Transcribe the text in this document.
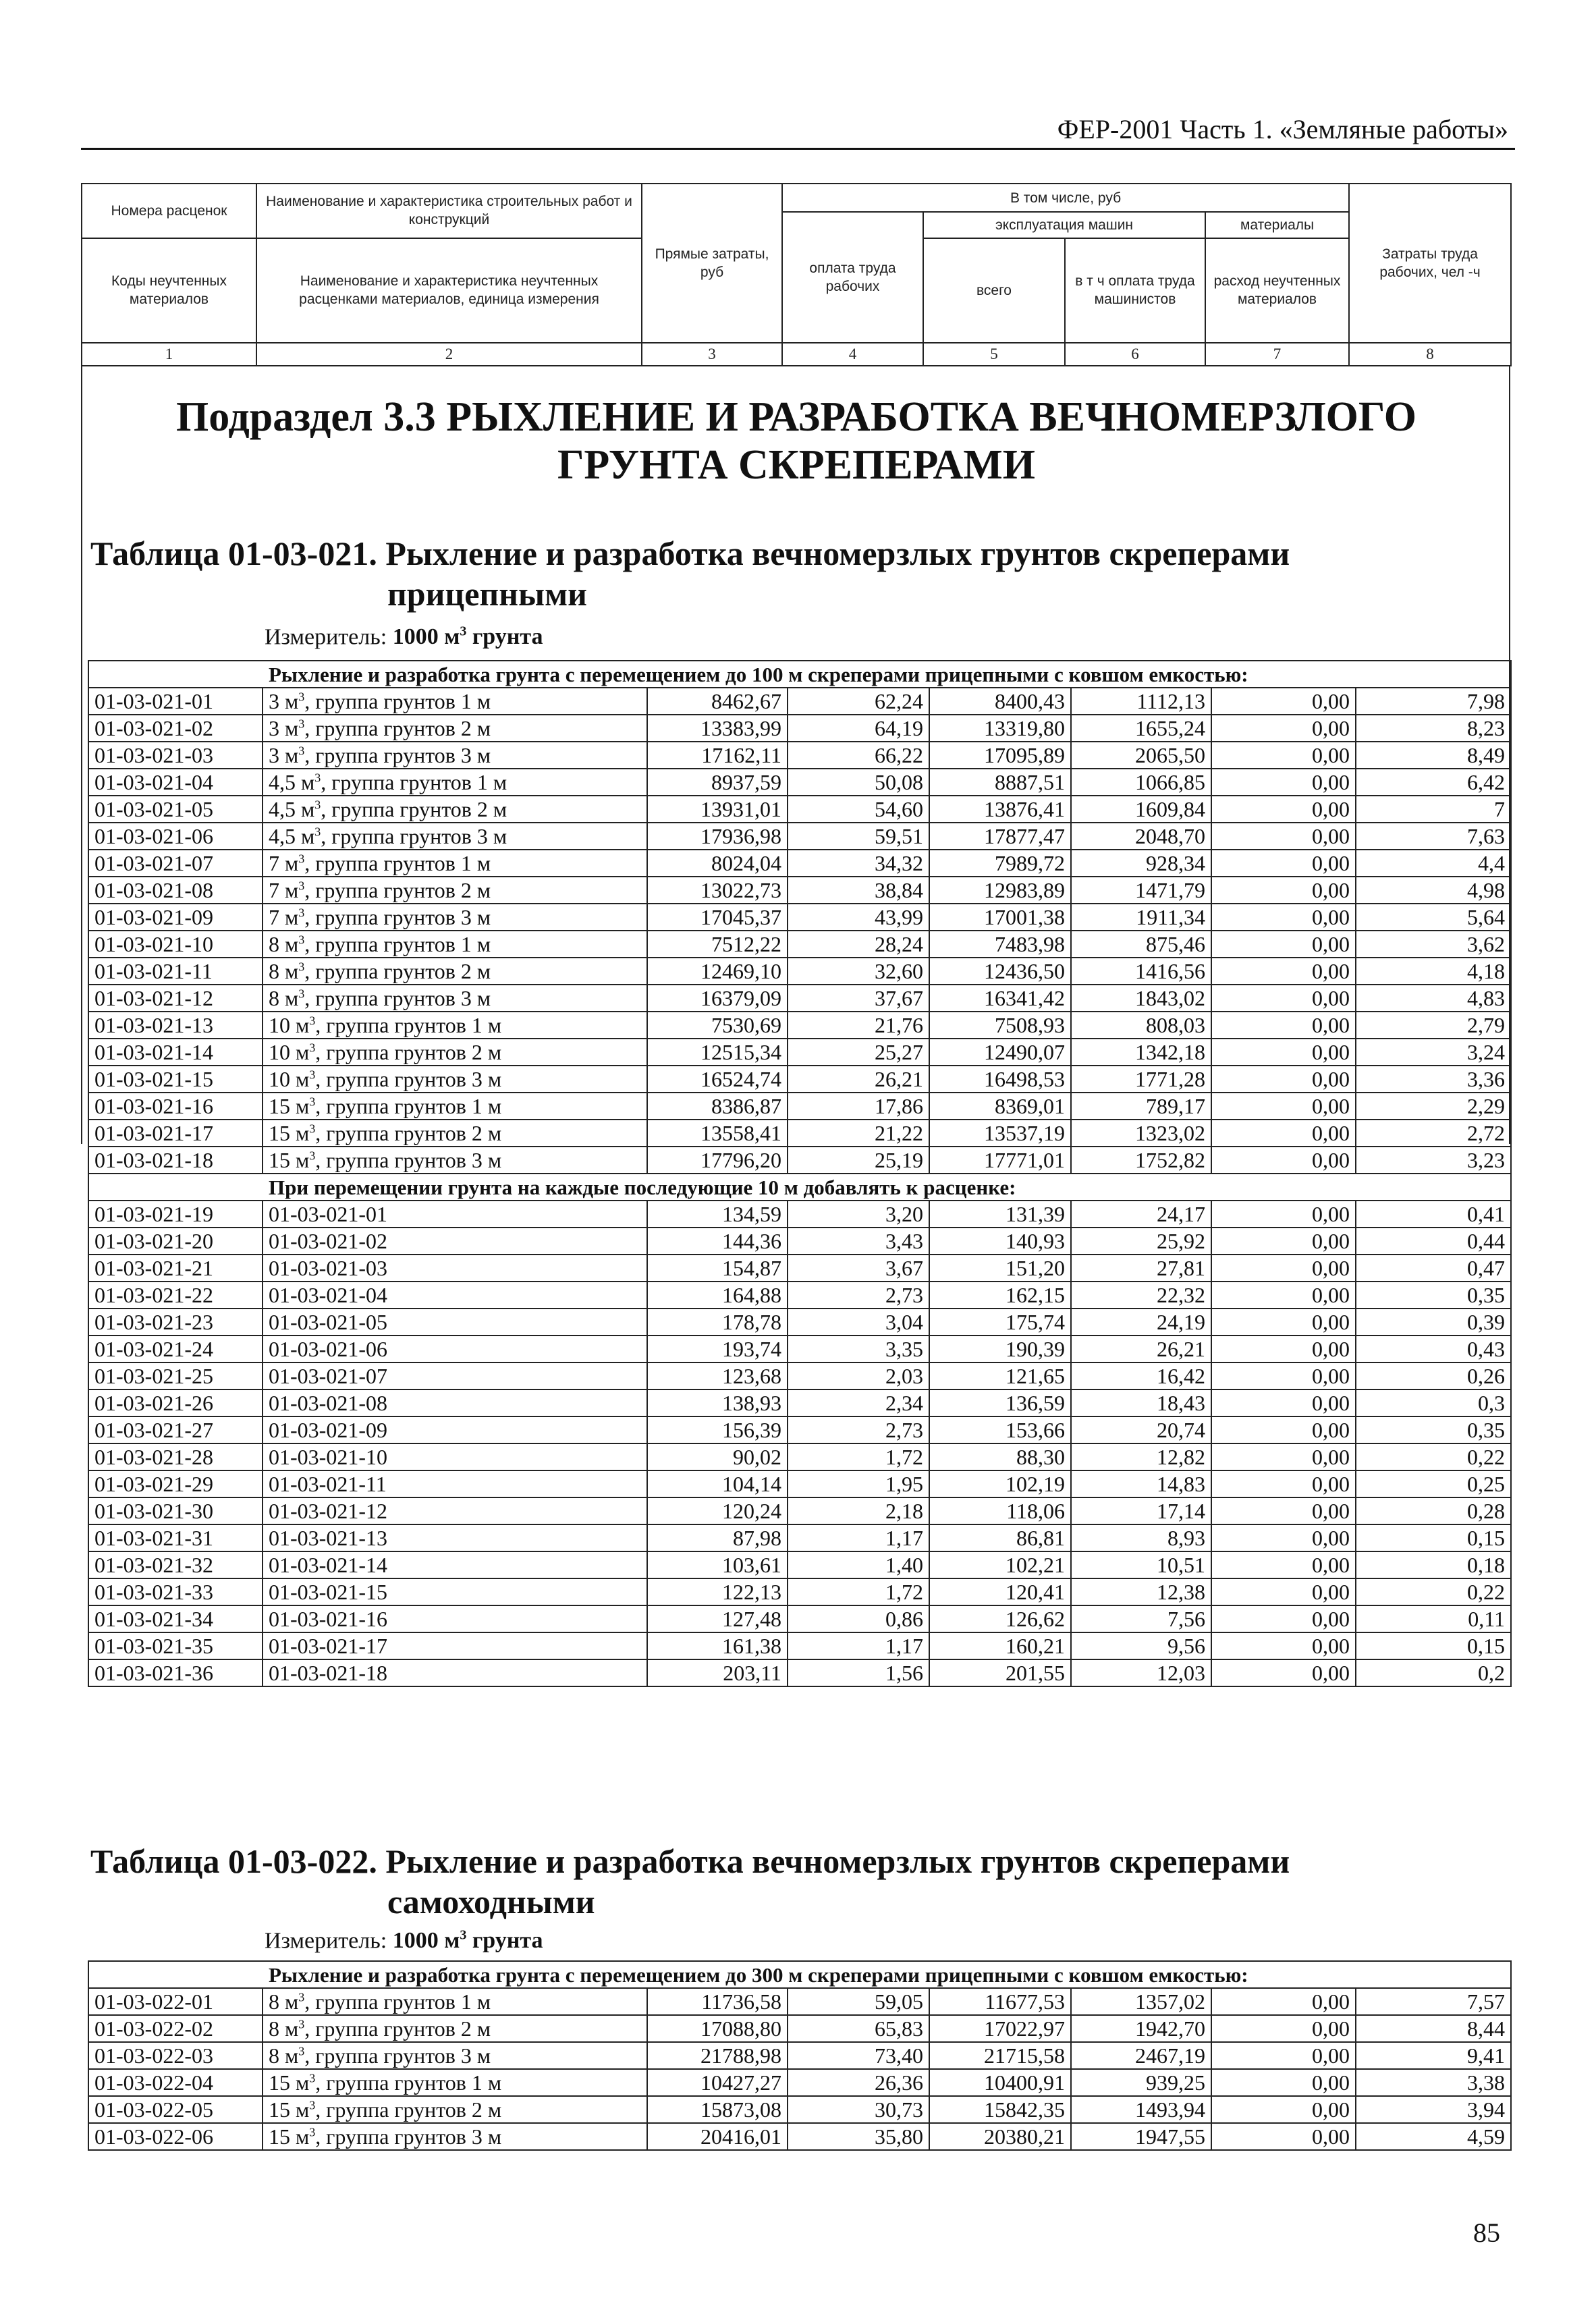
ФЕР-2001 Часть 1. «Земляные работы»
Номера расценок	Наименование и характеристика строительных работ и конструкций	Прямые затраты, руб	В том числе, руб				Затраты труда рабочих, чел -ч
			оплата труда рабочих	эксплуатация машин		материалы	
Коды неучтенных материалов	Наименование и характеристика неучтенных расценками материалов, единица измерения			всего	в т ч оплата труда машинистов	расход неучтенных материалов	

1	2	3	4	5	6	7	8
Подраздел 3.3 РЫХЛЕНИЕ И РАЗРАБОТКА ВЕЧНОМЕРЗЛОГО ГРУНТА СКРЕПЕРАМИ
Таблица 01-03-021. Рыхление и разработка вечномерзлых грунтов скреперами
прицепными
Измеритель: 1000 $м^3$ грунта
Рыхление и разработка грунта с перемещением до 100 м скреперами прицепными с ковшом емкостью:							
01-03-021-01	3 $м^3$, группа грунтов 1 м	8462,67	62,24	8400,43	1112,13	0,00	7,98
01-03-021-02	3 $м^3$, группа грунтов 2 м	13383,99	64,19	13319,80	1655,24	0,00	8,23
01-03-021-03	3 $м^3$, группа грунтов 3 м	17162,11	66,22	17095,89	2065,50	0,00	8,49
01-03-021-04	4,5 $м^3$, группа грунтов 1 м	8937,59	50,08	8887,51	1066,85	0,00	6,42
01-03-021-05	4,5 $м^3$, группа грунтов 2 м	13931,01	54,60	13876,41	1609,84	0,00	7
01-03-021-06	4,5 $м^3$, группа грунтов 3 м	17936,98	59,51	17877,47	2048,70	0,00	7,63
01-03-021-07	7 $м^3$, группа грунтов 1 м	8024,04	34,32	7989,72	928,34	0,00	4,4
01-03-021-08	7 $м^3$, группа грунтов 2 м	13022,73	38,84	12983,89	1471,79	0,00	4,98
01-03-021-09	7 $м^3$, группа грунтов 3 м	17045,37	43,99	17001,38	1911,34	0,00	5,64
01-03-021-10	8 $м^3$, группа грунтов 1 м	7512,22	28,24	7483,98	875,46	0,00	3,62
01-03-021-11	8 $м^3$, группа грунтов 2 м	12469,10	32,60	12436,50	1416,56	0,00	4,18
01-03-021-12	8 $м^3$, группа грунтов 3 м	16379,09	37,67	16341,42	1843,02	0,00	4,83
01-03-021-13	10 $м^3$, группа грунтов 1 м	7530,69	21,76	7508,93	808,03	0,00	2,79
01-03-021-14	10 $м^3$, группа грунтов 2 м	12515,34	25,27	12490,07	1342,18	0,00	3,24
01-03-021-15	10 $м^3$, группа грунтов 3 м	16524,74	26,21	16498,53	1771,28	0,00	3,36
01-03-021-16	15 $м^3$, группа грунтов 1 м	8386,87	17,86	8369,01	789,17	0,00	2,29
01-03-021-17	15 $м^3$, группа грунтов 2 м	13558,41	21,22	13537,19	1323,02	0,00	2,72
01-03-021-18	15 $м^3$, группа грунтов 3 м	17796,20	25,19	17771,01	1752,82	0,00	3,23
При перемещении грунта на каждые последующие 10 м добавлять к расценке:							
01-03-021-19	01-03-021-01	134,59	3,20	131,39	24,17	0,00	0,41
01-03-021-20	01-03-021-02	144,36	3,43	140,93	25,92	0,00	0,44
01-03-021-21	01-03-021-03	154,87	3,67	151,20	27,81	0,00	0,47
01-03-021-22	01-03-021-04	164,88	2,73	162,15	22,32	0,00	0,35
01-03-021-23	01-03-021-05	178,78	3,04	175,74	24,19	0,00	0,39
01-03-021-24	01-03-021-06	193,74	3,35	190,39	26,21	0,00	0,43
01-03-021-25	01-03-021-07	123,68	2,03	121,65	16,42	0,00	0,26
01-03-021-26	01-03-021-08	138,93	2,34	136,59	18,43	0,00	0,3
01-03-021-27	01-03-021-09	156,39	2,73	153,66	20,74	0,00	0,35
01-03-021-28	01-03-021-10	90,02	1,72	88,30	12,82	0,00	0,22
01-03-021-29	01-03-021-11	104,14	1,95	102,19	14,83	0,00	0,25
01-03-021-30	01-03-021-12	120,24	2,18	118,06	17,14	0,00	0,28
01-03-021-31	01-03-021-13	87,98	1,17	86,81	8,93	0,00	0,15
01-03-021-32	01-03-021-14	103,61	1,40	102,21	10,51	0,00	0,18
01-03-021-33	01-03-021-15	122,13	1,72	120,41	12,38	0,00	0,22
01-03-021-34	01-03-021-16	127,48	0,86	126,62	7,56	0,00	0,11
01-03-021-35	01-03-021-17	161,38	1,17	160,21	9,56	0,00	0,15
01-03-021-36	01-03-021-18	203,11	1,56	201,55	12,03	0,00	0,2
Таблица 01-03-022. Рыхление и разработка вечномерзлых грунтов скреперами
самоходными
Измеритель: 1000 $м^3$ грунта
Рыхление и разработка грунта с перемещением до 300 м скреперами прицепными с ковшом емкостью:							
01-03-022-01	8 $м^3$, группа грунтов 1 м	11736,58	59,05	11677,53	1357,02	0,00	7,57
01-03-022-02	8 $м^3$, группа грунтов 2 м	17088,80	65,83	17022,97	1942,70	0,00	8,44
01-03-022-03	8 $м^3$, группа грунтов 3 м	21788,98	73,40	21715,58	2467,19	0,00	9,41
01-03-022-04	15 $м^3$, группа грунтов 1 м	10427,27	26,36	10400,91	939,25	0,00	3,38
01-03-022-05	15 $м^3$, группа грунтов 2 м	15873,08	30,73	15842,35	1493,94	0,00	3,94
01-03-022-06	15 $м^3$, группа грунтов 3 м	20416,01	35,80	20380,21	1947,55	0,00	4,59
85
